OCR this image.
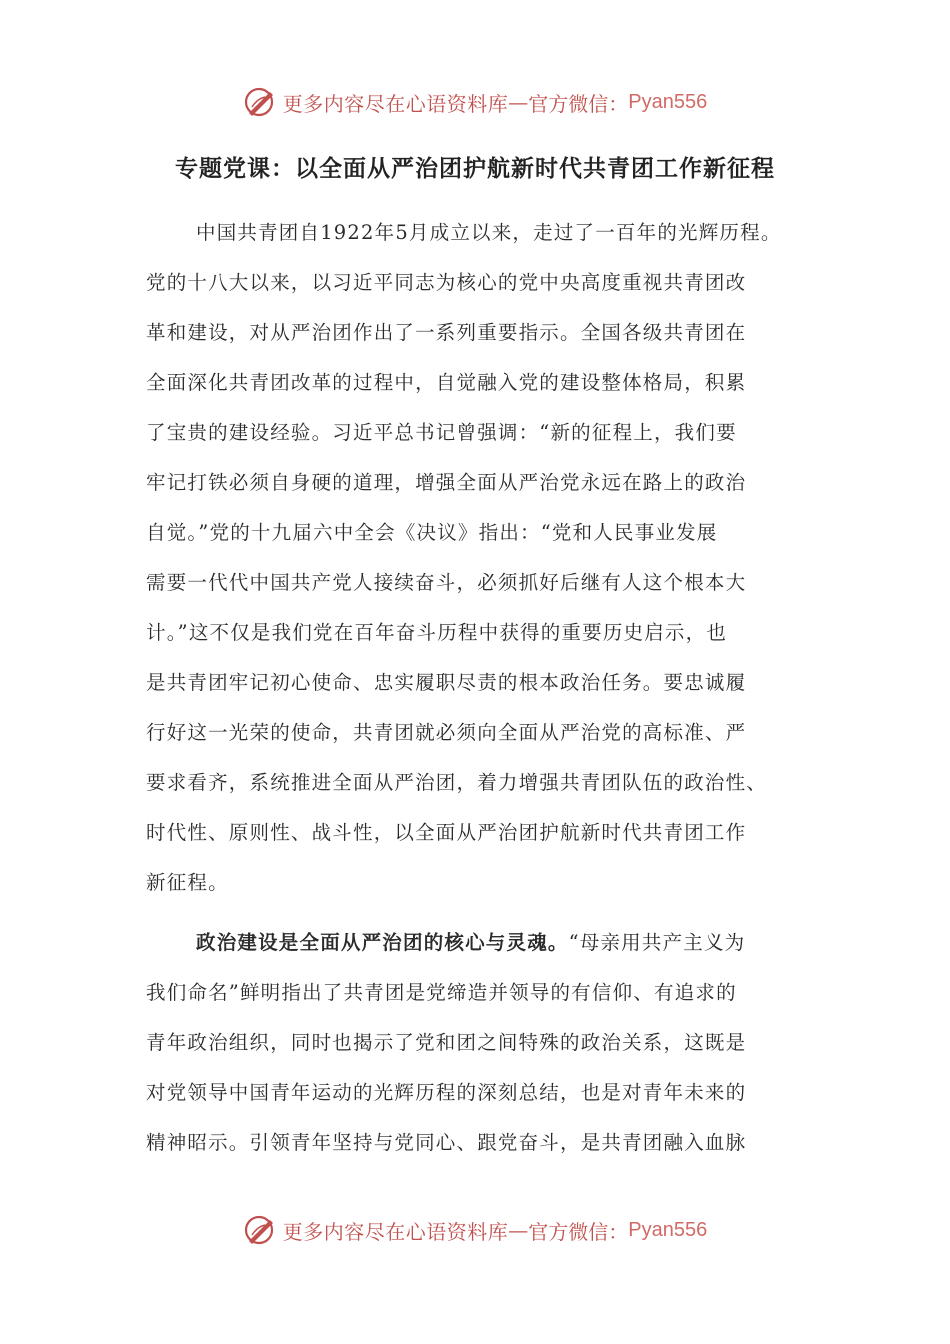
更多内容尽在心语资料库 — 官方微信： Pyan556
专题党课：以全面从严治团护航新时代共青团工作新征程
中国共青团自1922年5月成立以来，走过了一百年的光辉历程。
党的十八大以来，以习近平同志为核心的党中央高度重视共青团改
革和建设，对从严治团作出了一系列重要指示。全国各级共青团在
全面深化共青团改革的过程中，自觉融入党的建设整体格局，积累
了宝贵的建设经验。习近平总书记曾强调：“新的征程上，我们要
牢记打铁必须自身硬的道理，增强全面从严治党永远在路上的政治
自觉。”党的十九届六中全会《决议》指出：“党和人民事业发展
需要一代代中国共产党人接续奋斗，必须抓好后继有人这个根本大
计。”这不仅是我们党在百年奋斗历程中获得的重要历史启示，也
是共青团牢记初心使命、忠实履职尽责的根本政治任务。要忠诚履
行好这一光荣的使命，共青团就必须向全面从严治党的高标准、严
要求看齐，系统推进全面从严治团，着力增强共青团队伍的政治性、
时代性、原则性、战斗性，以全面从严治团护航新时代共青团工作
新征程。
政治建设是全面从严治团的核心与灵魂。“母亲用共产主义为
我们命名”鲜明指出了共青团是党缔造并领导的有信仰、有追求的
青年政治组织，同时也揭示了党和团之间特殊的政治关系，这既是
对党领导中国青年运动的光辉历程的深刻总结，也是对青年未来的
精神昭示。引领青年坚持与党同心、跟党奋斗，是共青团融入血脉
更多内容尽在心语资料库 — 官方微信： Pyan556
